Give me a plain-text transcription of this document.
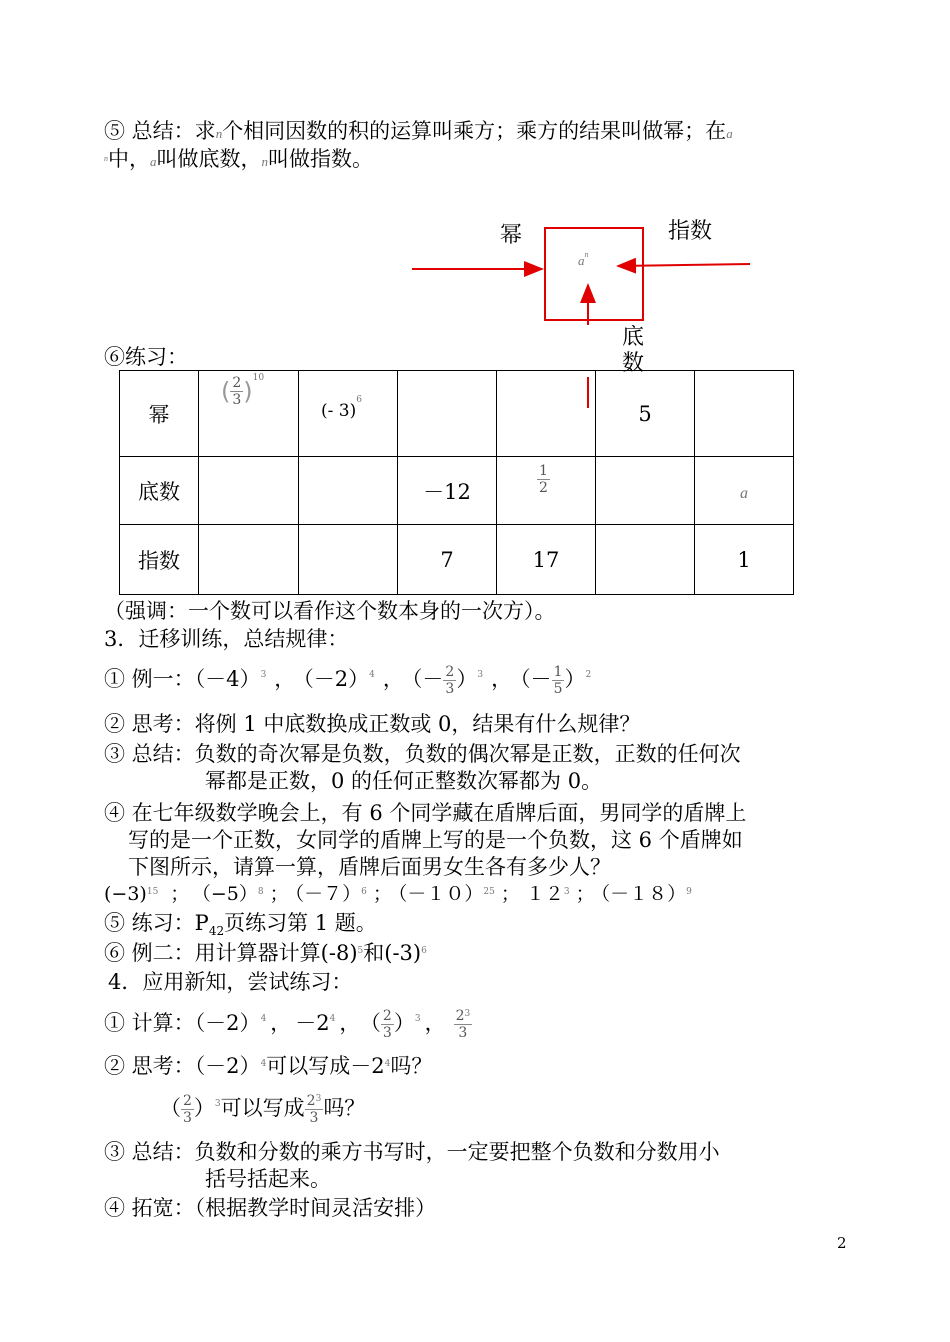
⑤ 总结：求n个相同因数的积的运算叫乘方；乘方的结果叫做幂；在a
$^n$中，a叫做底数，n叫做指数。
幂	指数
$a^n$
底
数
⑥练习：
幂	( $\frac{2}{3} )^{10}$	(- 3)$^6$			5	
底数			－12	$\frac{1}{2}$		a
指数			7	17		1
（强调：一个数可以看作这个数本身的一次方）。
3．迁移训练，总结规律：
① 例一：$(-4)^3$ ， $(-2)^4$ ， （－ $\frac{2}{3} )^3$ ， （－ $\frac{1}{5} )^2$
② 思考：将例 1 中底数换成正数或 0，结果有什么规律？
③ 总结：负数的奇次幂是负数，负数的偶次幂是正数，正数的任何次
幂都是正数，0 的任何正整数次幂都为 0。
④ 在七年级数学晚会上，有 6 个同学藏在盾牌后面，男同学的盾牌上
写的是一个正数，女同学的盾牌上写的是一个负数，这 6 个盾牌如
下图所示，请算一算，盾牌后面男女生各有多少人？
$(-3)^{15}$ ； $(-5)^8$ ； $(-7)^6$ ； $(-10)^{25}$ ； $12^3$ ； $(-18)^9$
⑤ 练习：$P_{42}$页练习第 1 题。
⑥ 例二：用计算器计算$(-8)^5$和$(-3)^6$
4．应用新知，尝试练习：
① 计算：$(-2)^4$ ， $-2^4$ ， （ $\frac{2}{3} )^3$ ， $\frac{2^3}{3}$
② 思考：$(-2)^4$可以写成$-2^4$吗？
（ $\frac{2}{3} )^3$可以写成 $\frac{2^3}{3}$ 吗？
③ 总结：负数和分数的乘方书写时，一定要把整个负数和分数用小
括号括起来。
④ 拓宽：（根据教学时间灵活安排）
2
